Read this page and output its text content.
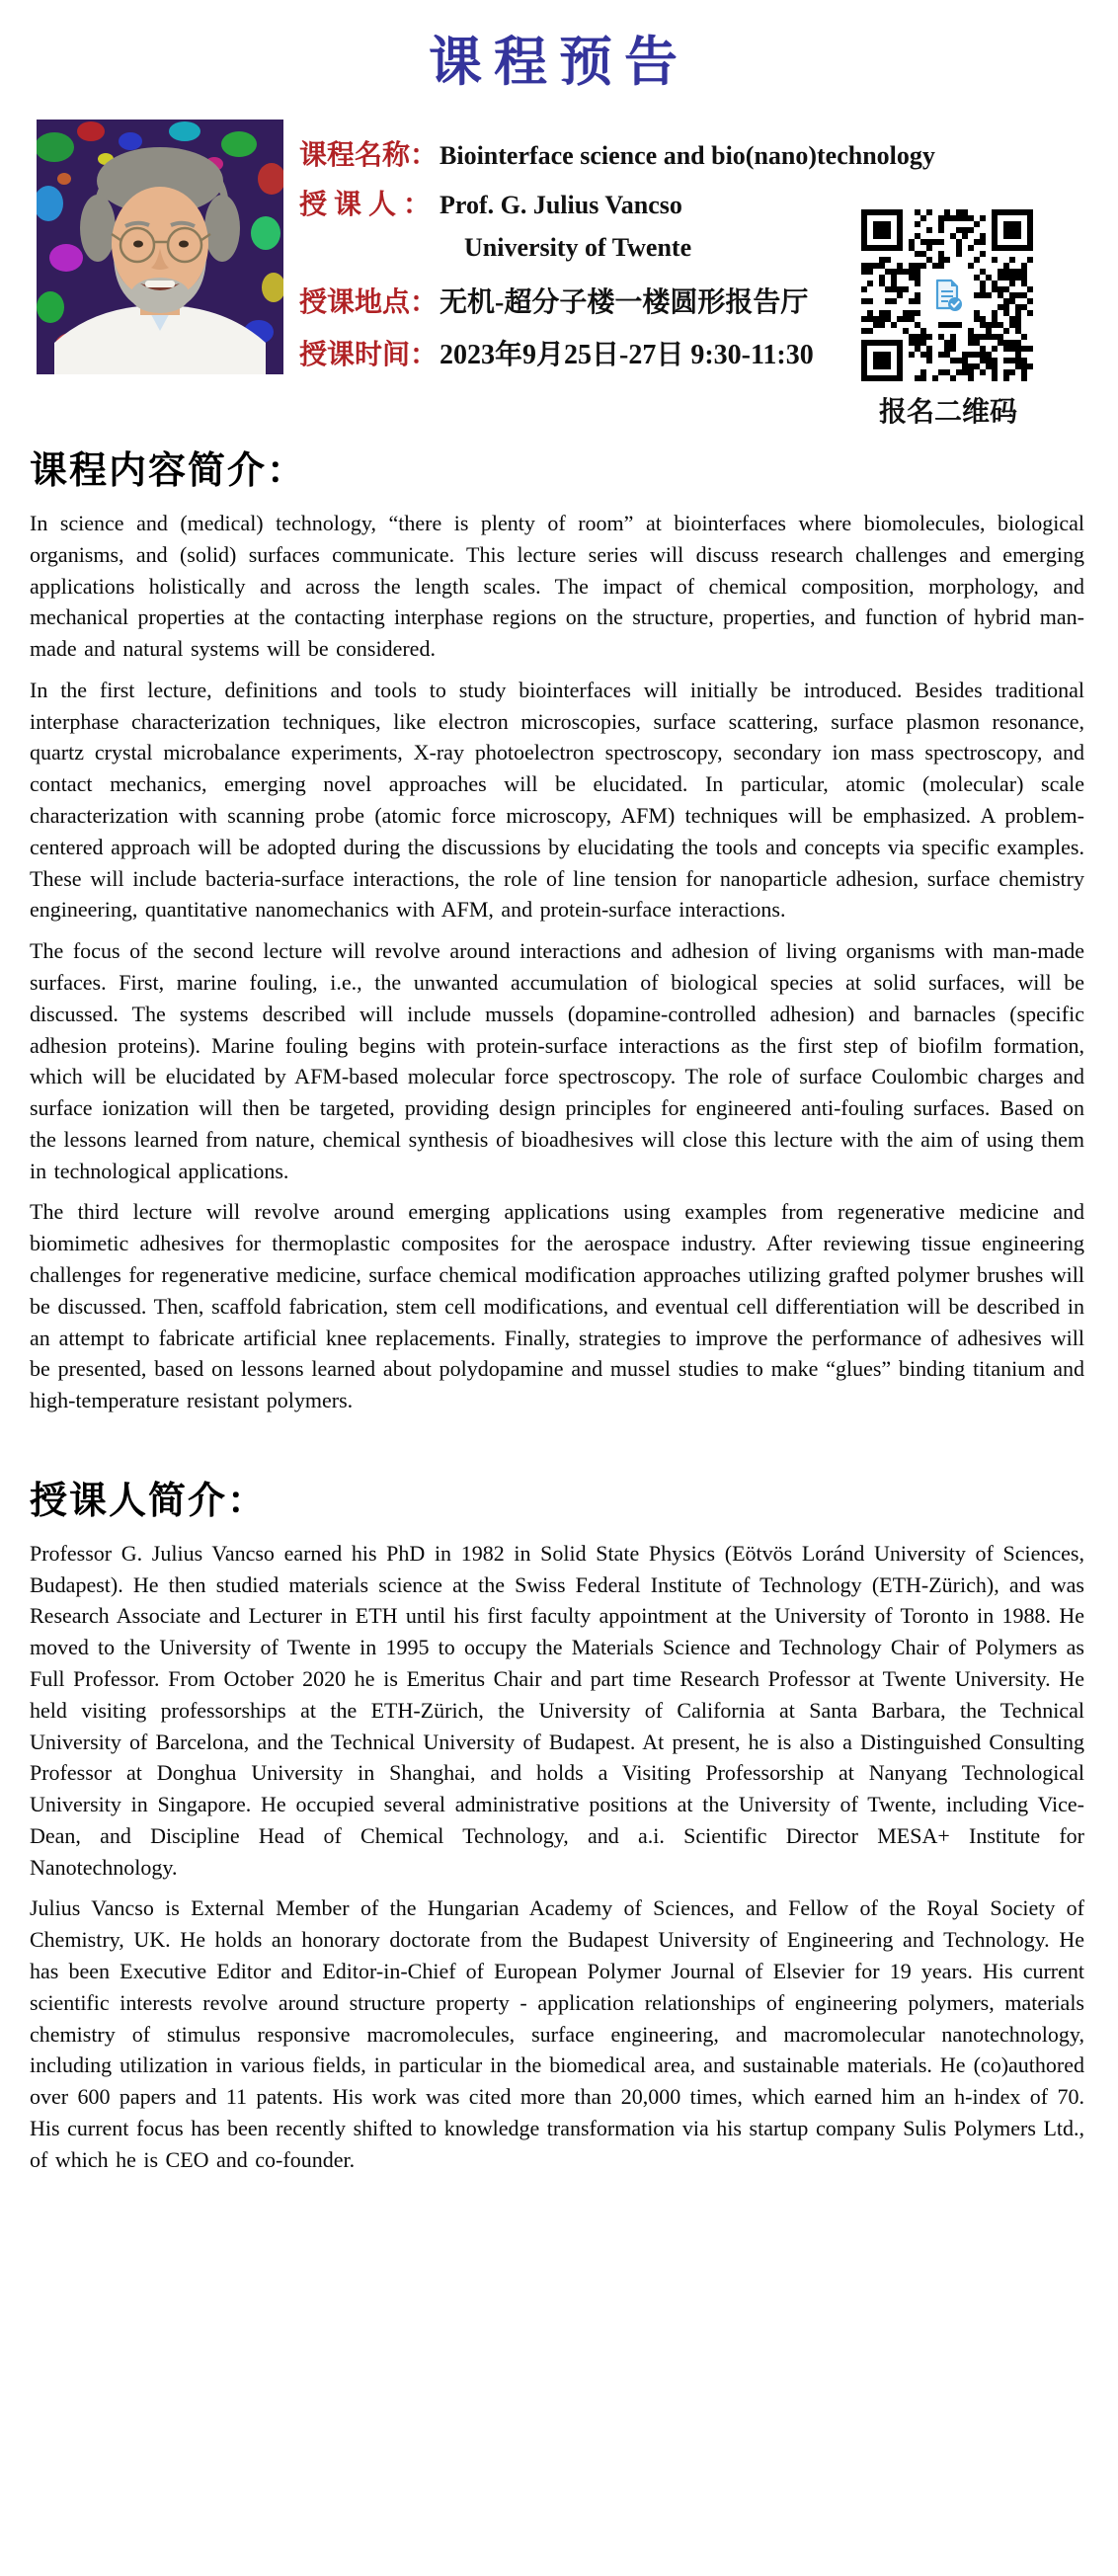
课程预告
课程名称： Biointerface science and bio(nano)technology
授 课 人 ： Prof. G. Julius Vancso
University of Twente
授课地点： 无机-超分子楼一楼圆形报告厅
授课时间： 2023年9月25日-27日 9:30-11:30
报名二维码
课程内容简介：

In science and (medical) technology, “there is plenty of room” at biointerfaces where biomolecules, biological organisms, and (solid) surfaces communicate. This lecture series will discuss research challenges and emerging applications holistically and across the length scales. The impact of chemical composition, morphology, and mechanical properties at the contacting interphase regions on the structure, properties, and function of hybrid man-made and natural systems will be considered.

In the first lecture, definitions and tools to study biointerfaces will initially be introduced. Besides traditional interphase characterization techniques, like electron microscopies, surface scattering, surface plasmon resonance, quartz crystal microbalance experiments, X-ray photoelectron spectroscopy, secondary ion mass spectroscopy, and contact mechanics, emerging novel approaches will be elucidated. In particular, atomic (molecular) scale characterization with scanning probe (atomic force microscopy, AFM) techniques will be emphasized. A problem-centered approach will be adopted during the discussions by elucidating the tools and concepts via specific examples. These will include bacteria-surface interactions, the role of line tension for nanoparticle adhesion, surface chemistry engineering, quantitative nanomechanics with AFM, and protein-surface interactions.

The focus of the second lecture will revolve around interactions and adhesion of living organisms with man-made surfaces. First, marine fouling, i.e., the unwanted accumulation of biological species at solid surfaces, will be discussed. The systems described will include mussels (dopamine-controlled adhesion) and barnacles (specific adhesion proteins). Marine fouling begins with protein-surface interactions as the first step of biofilm formation, which will be elucidated by AFM-based molecular force spectroscopy. The role of surface Coulombic charges and surface ionization will then be targeted, providing design principles for engineered anti-fouling surfaces. Based on the lessons learned from nature, chemical synthesis of bioadhesives will close this lecture with the aim of using them in technological applications.

The third lecture will revolve around emerging applications using examples from regenerative medicine and biomimetic adhesives for thermoplastic composites for the aerospace industry. After reviewing tissue engineering challenges for regenerative medicine, surface chemical modification approaches utilizing grafted polymer brushes will be discussed. Then, scaffold fabrication, stem cell modifications, and eventual cell differentiation will be described in an attempt to fabricate artificial knee replacements. Finally, strategies to improve the performance of adhesives will be presented, based on lessons learned about polydopamine and mussel studies to make “glues” binding titanium and high-temperature resistant polymers.

授课人简介：

Professor G. Julius Vancso earned his PhD in 1982 in Solid State Physics (Eötvös Loránd University of Sciences, Budapest). He then studied materials science at the Swiss Federal Institute of Technology (ETH-Zürich), and was Research Associate and Lecturer in ETH until his first faculty appointment at the University of Toronto in 1988. He moved to the University of Twente in 1995 to occupy the Materials Science and Technology Chair of Polymers as Full Professor. From October 2020 he is Emeritus Chair and part time Research Professor at Twente University. He held visiting professorships at the ETH-Zürich, the University of California at Santa Barbara, the Technical University of Barcelona, and the Technical University of Budapest. At present, he is also a Distinguished Consulting Professor at Donghua University in Shanghai, and holds a Visiting Professorship at Nanyang Technological University in Singapore. He occupied several administrative positions at the University of Twente, including Vice-Dean, and Discipline Head of Chemical Technology, and a.i. Scientific Director MESA+ Institute for Nanotechnology.

Julius Vancso is External Member of the Hungarian Academy of Sciences, and Fellow of the Royal Society of Chemistry, UK. He holds an honorary doctorate from the Budapest University of Engineering and Technology. He has been Executive Editor and Editor-in-Chief of European Polymer Journal of Elsevier for 19 years. His current scientific interests revolve around structure property - application relationships of engineering polymers, materials chemistry of stimulus responsive macromolecules, surface engineering, and macromolecular nanotechnology, including utilization in various fields, in particular in the biomedical area, and sustainable materials. He (co)authored over 600 papers and 11 patents. His work was cited more than 20,000 times, which earned him an h-index of 70. His current focus has been recently shifted to knowledge transformation via his startup company Sulis Polymers Ltd., of which he is CEO and co-founder.
